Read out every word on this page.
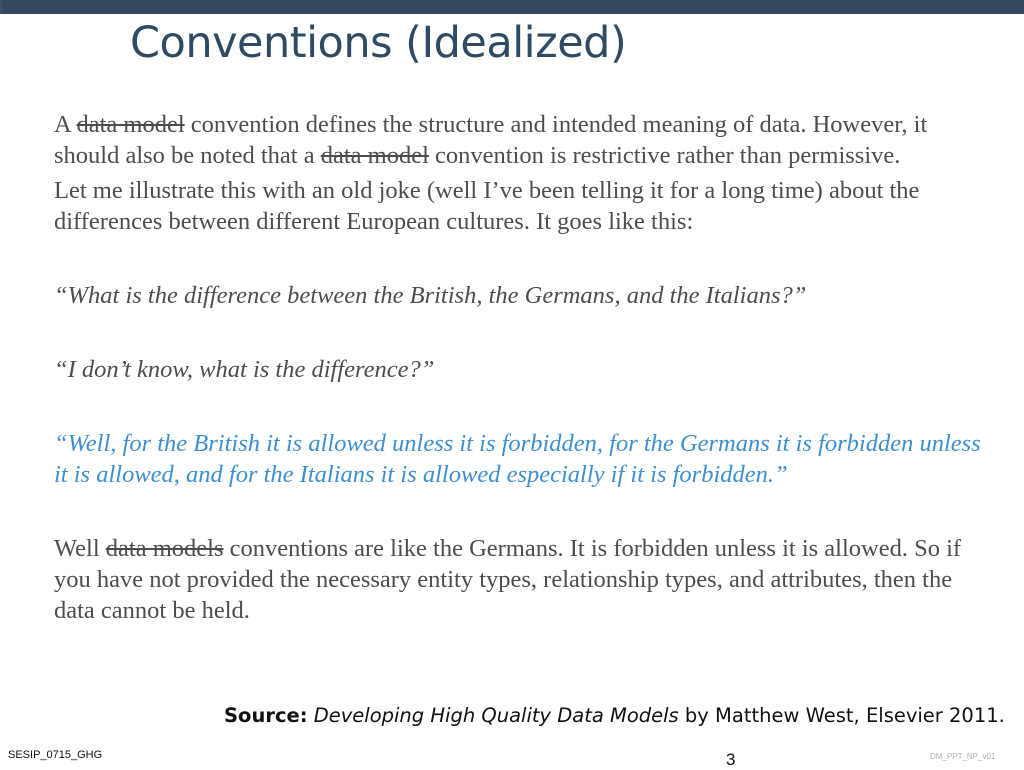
Conventions (Idealized)

A data model convention defines the structure and intended meaning of data. However, it should also be noted that a data model convention is restrictive rather than permissive.

Let me illustrate this with an old joke (well I’ve been telling it for a long time) about the differences between different European cultures. It goes like this:

“What is the difference between the British, the Germans, and the Italians?”

“I don’t know, what is the difference?”

“Well, for the British it is allowed unless it is forbidden, for the Germans it is forbidden unless it is allowed, and for the Italians it is allowed especially if it is forbidden.”

Well data models conventions are like the Germans. It is forbidden unless it is allowed. So if you have not provided the necessary entity types, relationship types, and attributes, then the data cannot be held.

Source: Developing High Quality Data Models by Matthew West, Elsevier 2011.
SESIP_0715_GHG	3	DM_PPT_NP_v01
